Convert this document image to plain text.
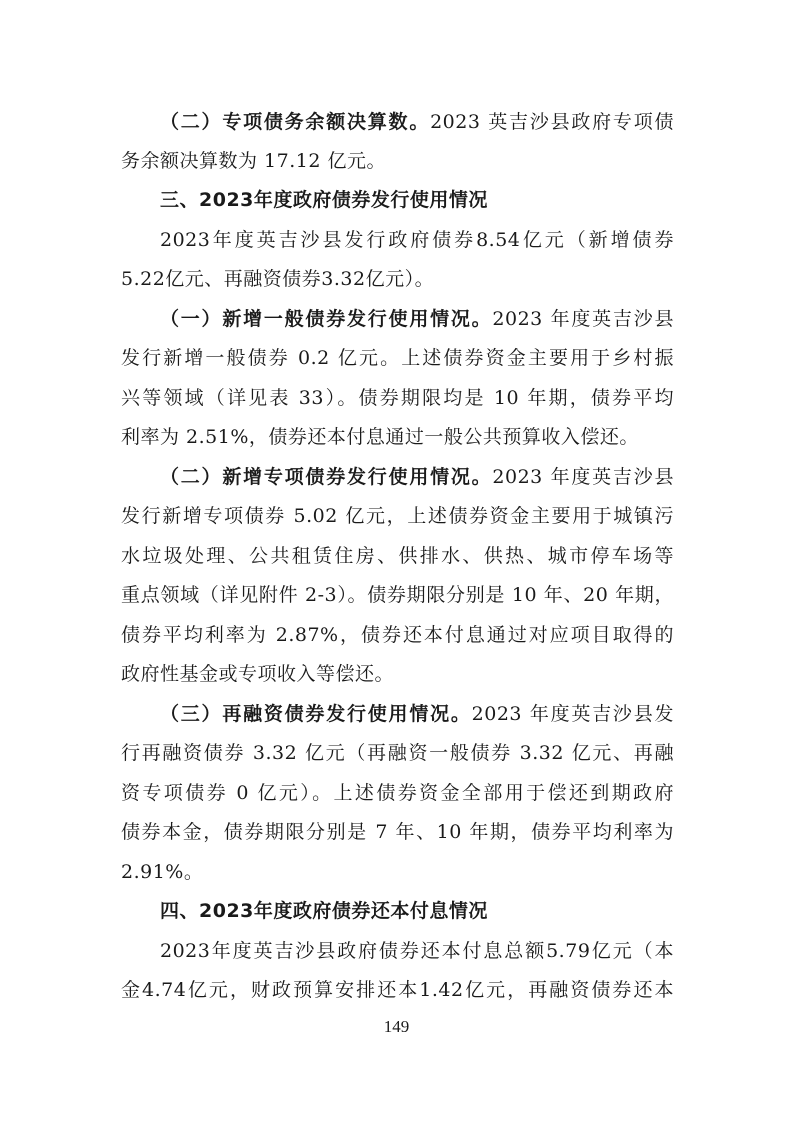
（二）专项债务余额决算数。2023 英吉沙县政府专项债
务余额决算数为 17.12 亿元。
三、2023年度政府债券发行使用情况
2023年度英吉沙县发行政府债券8.54亿元（新增债券
5.22亿元、再融资债券3.32亿元）。
（一）新增一般债券发行使用情况。2023 年度英吉沙县
发行新增一般债券 0.2 亿元。上述债券资金主要用于乡村振
兴等领域（详见表 33）。债券期限均是 10 年期，债券平均
利率为 2.51%，债券还本付息通过一般公共预算收入偿还。
（二）新增专项债券发行使用情况。2023 年度英吉沙县
发行新增专项债券 5.02 亿元，上述债券资金主要用于城镇污
水垃圾处理、公共租赁住房、供排水、供热、城市停车场等
重点领域（详见附件 2-3）。债券期限分别是 10 年、20 年期，
债券平均利率为 2.87%，债券还本付息通过对应项目取得的
政府性基金或专项收入等偿还。
（三）再融资债券发行使用情况。2023 年度英吉沙县发
行再融资债券 3.32 亿元（再融资一般债券 3.32 亿元、再融
资专项债券 0 亿元）。上述债券资金全部用于偿还到期政府
债券本金，债券期限分别是 7 年、10 年期，债券平均利率为
2.91%。
四、2023年度政府债券还本付息情况
2023年度英吉沙县政府债券还本付息总额5.79亿元（本
金4.74亿元，财政预算安排还本1.42亿元，再融资债券还本
149
